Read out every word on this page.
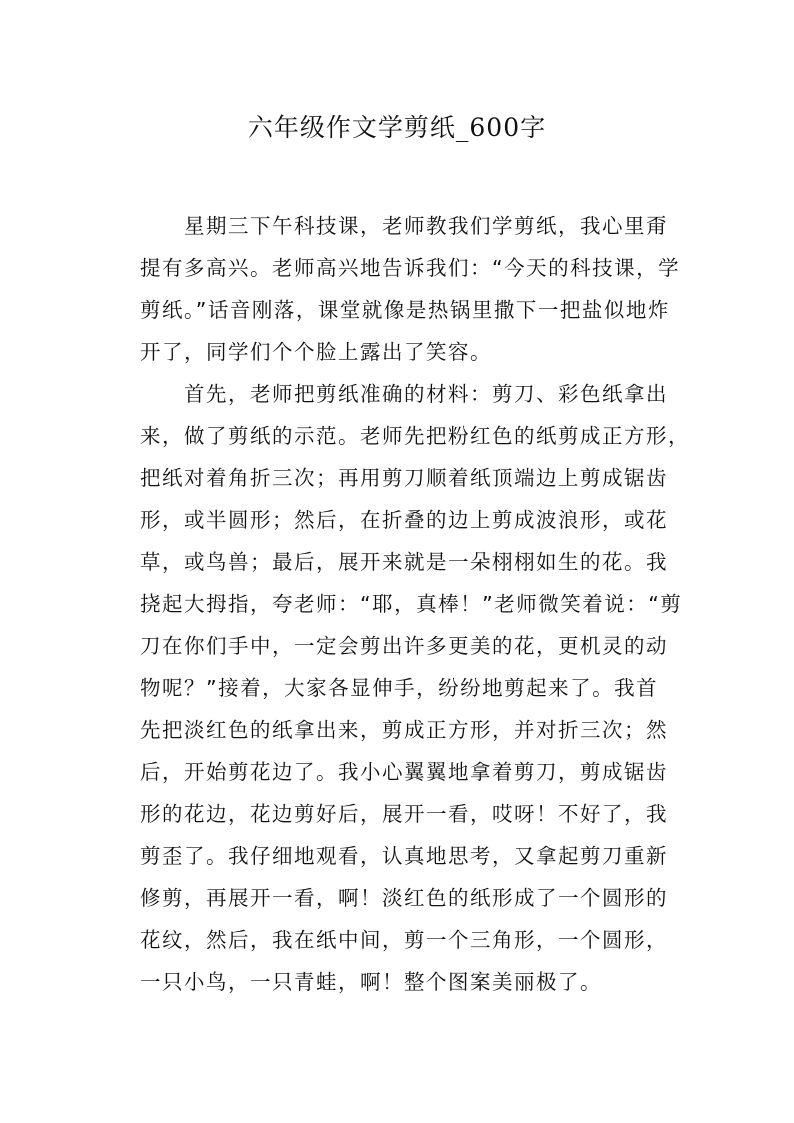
六年级作文学剪纸_600字
星期三下午科技课，老师教我们学剪纸，我心里甭
提有多高兴。老师高兴地告诉我们：“今天的科技课，学
剪纸。”话音刚落，课堂就像是热锅里撒下一把盐似地炸
开了，同学们个个脸上露出了笑容。
首先，老师把剪纸准确的材料：剪刀、彩色纸拿出
来，做了剪纸的示范。老师先把粉红色的纸剪成正方形，
把纸对着角折三次；再用剪刀顺着纸顶端边上剪成锯齿
形，或半圆形；然后，在折叠的边上剪成波浪形，或花
草，或鸟兽；最后，展开来就是一朵栩栩如生的花。我
挠起大拇指，夸老师：“耶，真棒！”老师微笑着说：“剪
刀在你们手中，一定会剪出许多更美的花，更机灵的动
物呢？”接着，大家各显伸手，纷纷地剪起来了。我首
先把淡红色的纸拿出来，剪成正方形，并对折三次；然
后，开始剪花边了。我小心翼翼地拿着剪刀，剪成锯齿
形的花边，花边剪好后，展开一看，哎呀！不好了，我
剪歪了。我仔细地观看，认真地思考，又拿起剪刀重新
修剪，再展开一看，啊！淡红色的纸形成了一个圆形的
花纹，然后，我在纸中间，剪一个三角形，一个圆形，
一只小鸟，一只青蛙，啊！整个图案美丽极了。
